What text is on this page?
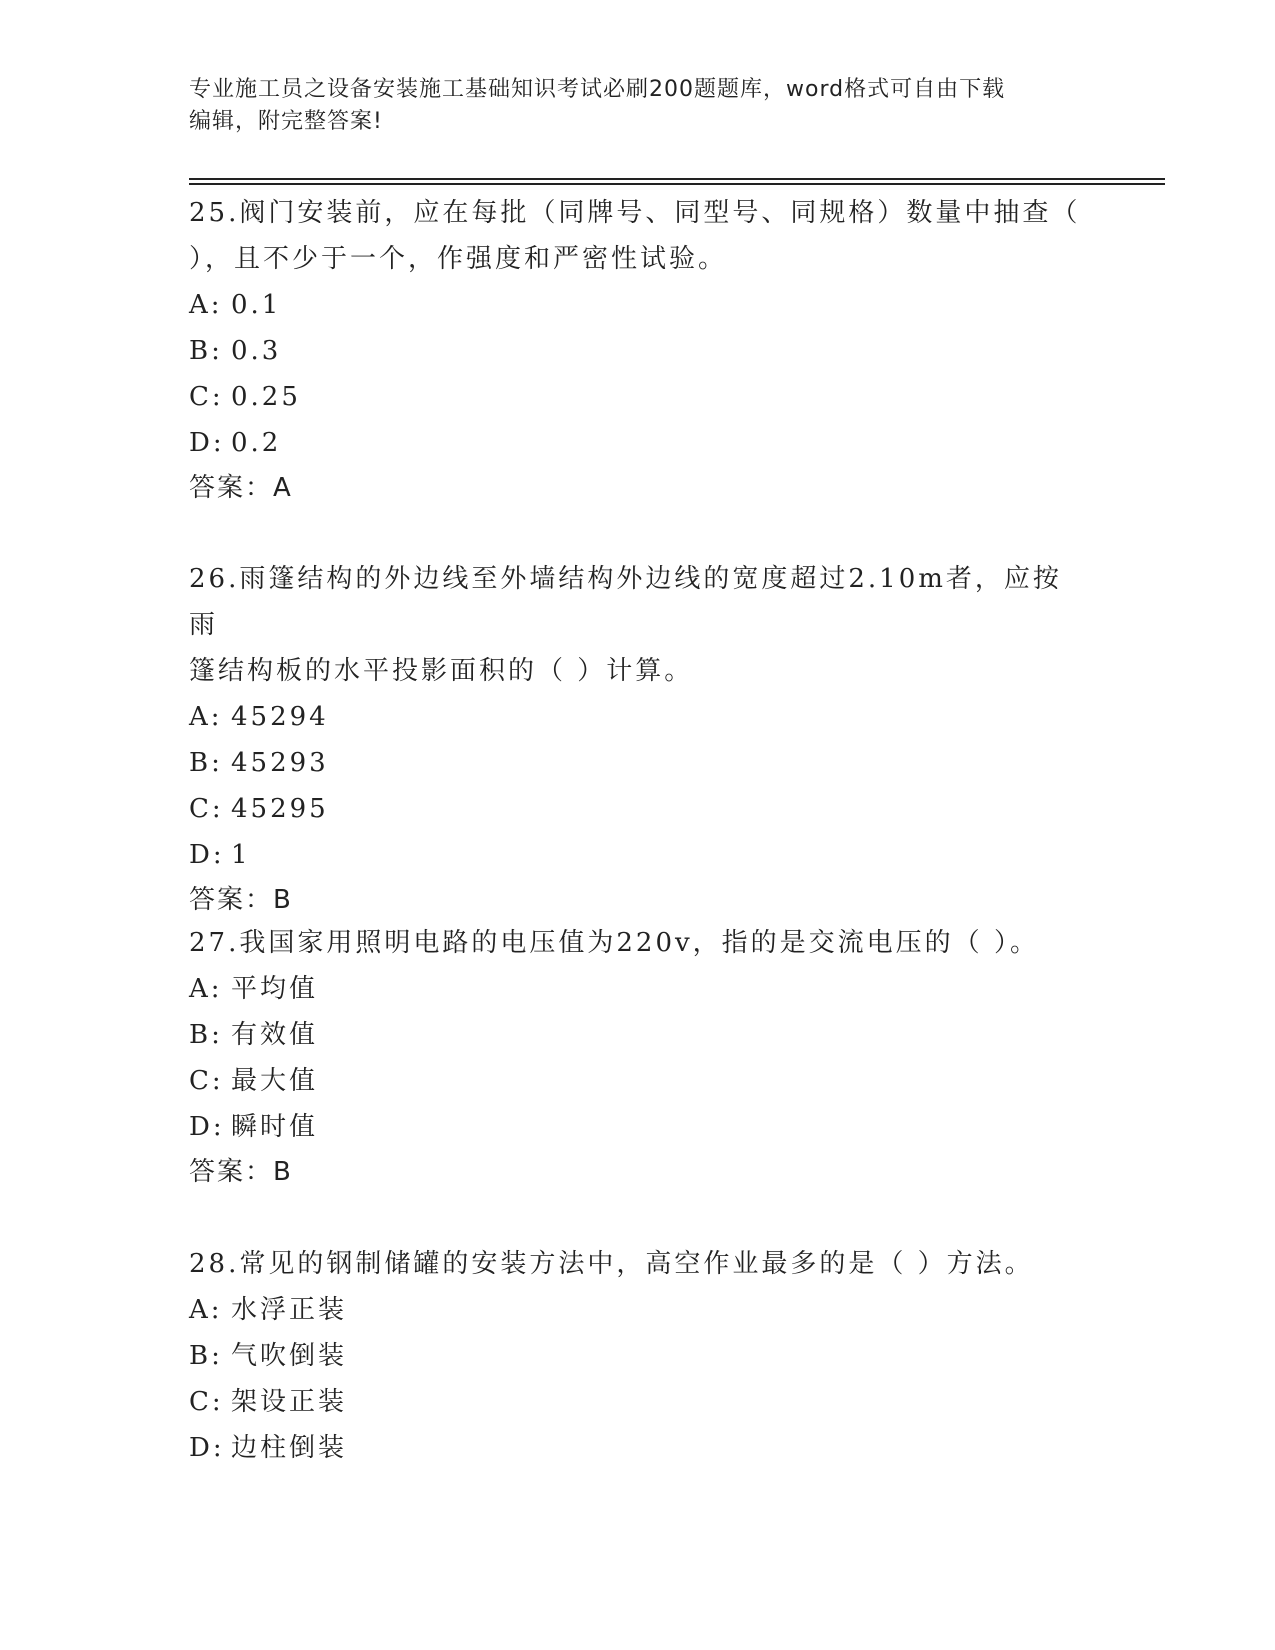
专业施工员之设备安装施工基础知识考试必刷200题题库，word格式可自由下载

编辑，附完整答案!

25.阀门安装前，应在每批（同牌号、同型号、同规格）数量中抽查（

），且不少于一个，作强度和严密性试验。

A: 0.1

B: 0.3

C: 0.25

D: 0.2

答案：A

26.雨篷结构的外边线至外墙结构外边线的宽度超过2.10m者，应按雨

篷结构板的水平投影面积的（ ）计算。

A: 45294

B: 45293

C: 45295

D: 1

答案：B

27.我国家用照明电路的电压值为220v，指的是交流电压的（ ）。

A: 平均值

B: 有效值

C: 最大值

D: 瞬时值

答案：B

28.常见的钢制储罐的安装方法中，高空作业最多的是（ ）方法。

A: 水浮正装

B: 气吹倒装

C: 架设正装

D: 边柱倒装
